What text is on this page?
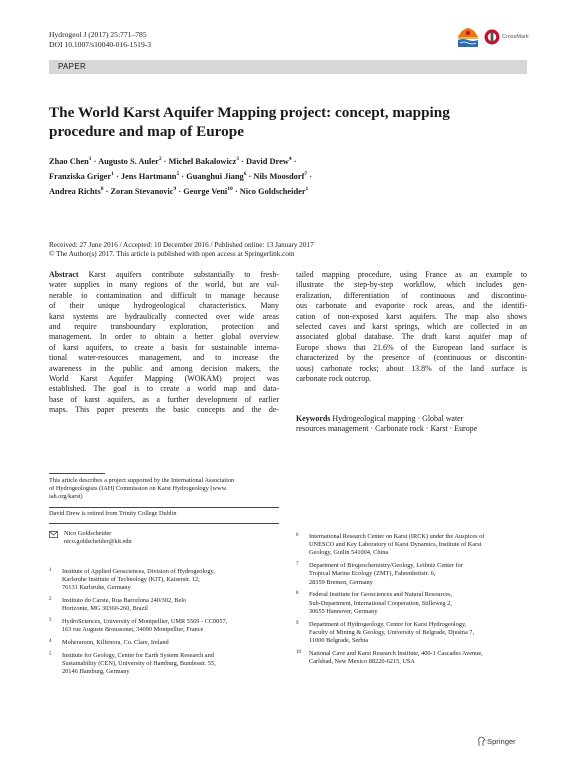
Hydrogeol J (2017) 25:771–785
DOI 10.1007/s10040-016-1519-3
CrossMark
PAPER
The World Karst Aquifer Mapping project: concept, mapping procedure and map of Europe
Zhao Chen$^1$ · Augusto S. Auler$^2$ · Michel Bakalowicz$^3$ · David Drew$^4$ ·
Franziska Griger$^1$ · Jens Hartmann$^5$ · Guanghui Jiang$^6$ · Nils Moosdorf$^7$ ·
Andrea Richts$^8$ · Zoran Stevanovic$^9$ · George Veni$^{10}$ · Nico Goldscheider$^1$
Received: 27 June 2016 / Accepted: 10 December 2016 / Published online: 13 January 2017
© The Author(s) 2017. This article is published with open access at Springerlink.com
Abstract Karst aquifers contribute substantially to fresh-
water supplies in many regions of the world, but are vul-
nerable to contamination and difficult to manage because
of their unique hydrogeological characteristics. Many
karst systems are hydraulically connected over wide areas
and require transboundary exploration, protection and
management. In order to obtain a better global overview
of karst aquifers, to create a basis for sustainable interna-
tional water-resources management, and to increase the
awareness in the public and among decision makers, the
World Karst Aquifer Mapping (WOKAM) project was
established. The goal is to create a world map and data-
base of karst aquifers, as a further development of earlier
maps. This paper presents the basic concepts and the de-
tailed mapping procedure, using France as an example to
illustrate the step-by-step workflow, which includes gen-
eralization, differentiation of continuous and discontinu-
ous carbonate and evaporite rock areas, and the identifi-
cation of non-exposed karst aquifers. The map also shows
selected caves and karst springs, which are collected in an
associated global database. The draft karst aquifer map of
Europe shows that 21.6% of the European land surface is
characterized by the presence of (continuous or discontin-
uous) carbonate rocks; about 13.8% of the land surface is
carbonate rock outcrop.
Keywords Hydrogeological mapping · Global water
resources management · Carbonate rock · Karst · Europe
This article describes a project supported by the International Association
of Hydrogeologists (IAH) Commission on Karst Hydrogeology (www.
iah.org/karst)
David Drew is retired from Trinity College Dublin
Nico Goldscheider
nico.goldscheider@kit.edu
1 Institute of Applied Geosciences, Division of Hydrogeology,
Karlsruhe Institute of Technology (KIT), Kaiserstr. 12,
76131 Karlsruhe, Germany
2 Instituto do Carste, Rua Barcelona 240/302, Belo
Horizonte, MG 30360-260, Brazil
3 HydroSciences, University of Montpellier, UMR 5569 - CC0057,
163 rue Auguste Broussonet, 34090 Montpellier, France
4 Moheraroon, Kilfenora, Co. Clare, Ireland
5 Institute for Geology, Center for Earth System Research and
Sustainability (CEN), University of Hamburg, Bundesstr. 55,
20146 Hamburg, Germany
6 International Research Center on Karst (IRCK) under the Auspices of
UNESCO and Key Laboratory of Karst Dynamics, Institute of Karst
Geology, Guilin 541004, China
7 Department of Biogeochemistry/Geology, Leibniz Center for
Tropical Marine Ecology (ZMT), Fahrenheitstr. 6,
28359 Bremen, Germany
8 Federal Institute for Geosciences and Natural Resources,
Sub-Department, International Cooperation, Stilleweg 2,
30655 Hannover, Germany
9 Department of Hydrogeology, Centre for Karst Hydrogeology,
Faculty of Mining & Geology, University of Belgrade, Djusina 7,
11000 Belgrade, Serbia
10 National Cave and Karst Research Institute, 400-1 Cascades Avenue,
Carlsbad, New Mexico 88220-6215, USA
Springer
